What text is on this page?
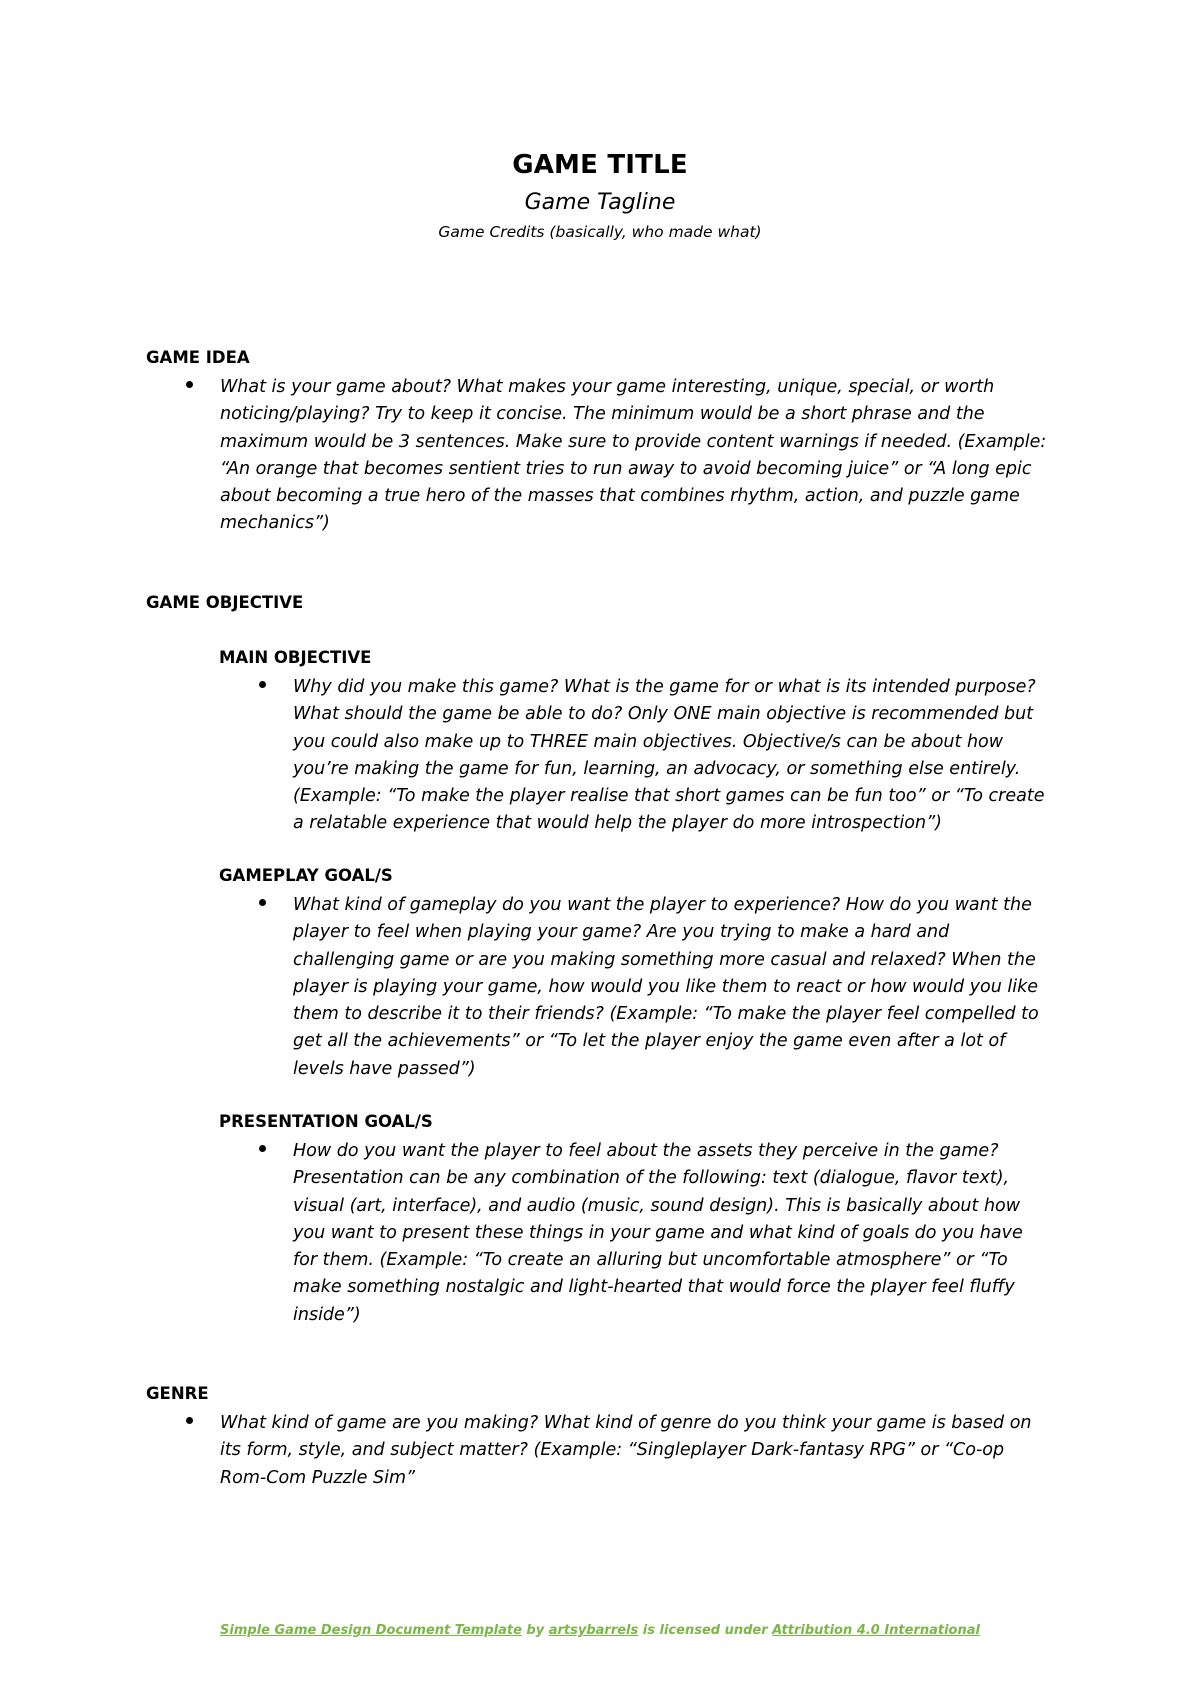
GAME TITLE
Game Tagline
Game Credits (basically, who made what)
GAME IDEA
What is your game about? What makes your game interesting, unique, special, or worth
noticing/playing? Try to keep it concise. The minimum would be a short phrase and the
maximum would be 3 sentences. Make sure to provide content warnings if needed. (Example:
“An orange that becomes sentient tries to run away to avoid becoming juice” or “A long epic
about becoming a true hero of the masses that combines rhythm, action, and puzzle game
mechanics”)
GAME OBJECTIVE
MAIN OBJECTIVE
Why did you make this game? What is the game for or what is its intended purpose?
What should the game be able to do? Only ONE main objective is recommended but
you could also make up to THREE main objectives. Objective/s can be about how
you’re making the game for fun, learning, an advocacy, or something else entirely.
(Example: “To make the player realise that short games can be fun too” or “To create
a relatable experience that would help the player do more introspection”)
GAMEPLAY GOAL/S
What kind of gameplay do you want the player to experience? How do you want the
player to feel when playing your game? Are you trying to make a hard and
challenging game or are you making something more casual and relaxed? When the
player is playing your game, how would you like them to react or how would you like
them to describe it to their friends? (Example: “To make the player feel compelled to
get all the achievements” or “To let the player enjoy the game even after a lot of
levels have passed”)
PRESENTATION GOAL/S
How do you want the player to feel about the assets they perceive in the game?
Presentation can be any combination of the following: text (dialogue, flavor text),
visual (art, interface), and audio (music, sound design). This is basically about how
you want to present these things in your game and what kind of goals do you have
for them. (Example: “To create an alluring but uncomfortable atmosphere” or “To
make something nostalgic and light-hearted that would force the player feel fluffy
inside”)
GENRE
What kind of game are you making? What kind of genre do you think your game is based on
its form, style, and subject matter? (Example: “Singleplayer Dark-fantasy RPG” or “Co-op
Rom-Com Puzzle Sim”
Simple Game Design Document Template by artsybarrels is licensed under Attribution 4.0 International
